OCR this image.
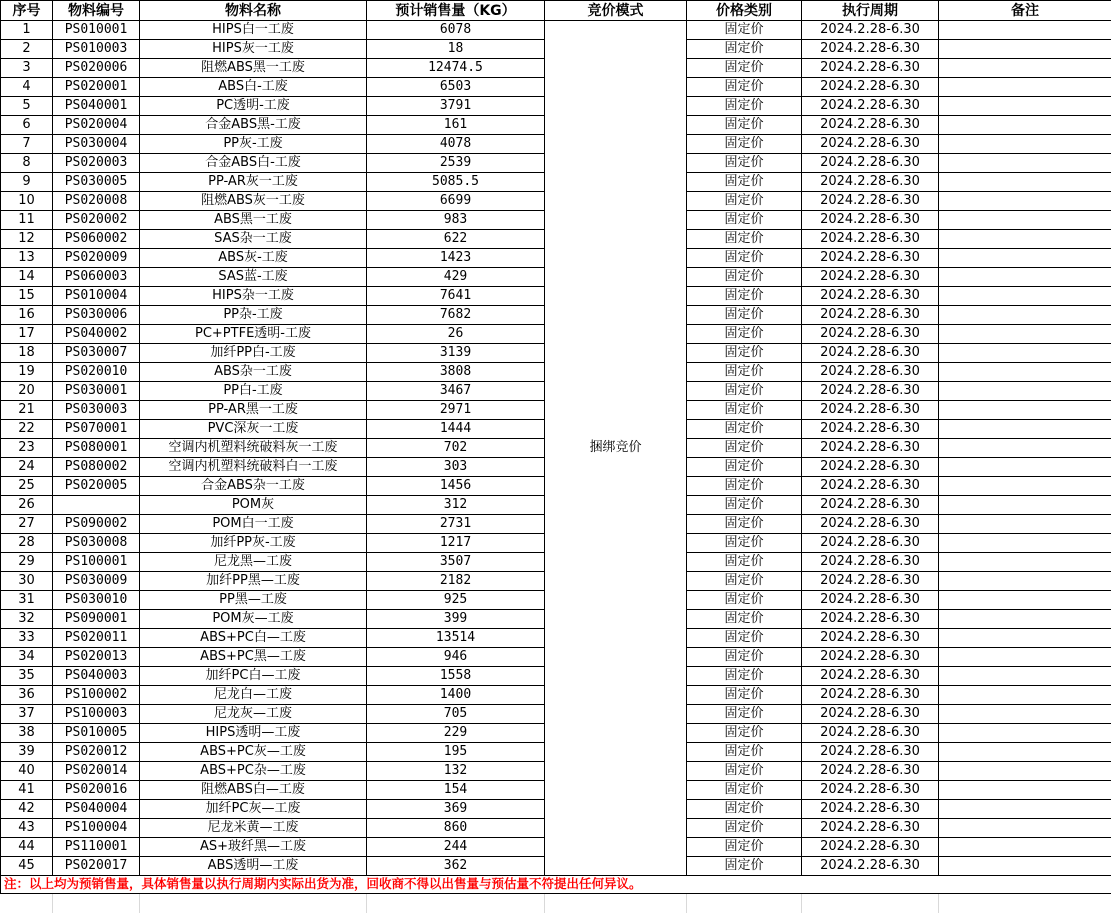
序号	物料编号	物料名称	预计销售量（KG）	竞价模式	价格类别	执行周期	备注
1	PS010001	HIPS白一工废	6078	捆绑竞价	固定价	2024.2.28-6.30	
2	PS010003	HIPS灰一工废	18		固定价	2024.2.28-6.30	
3	PS020006	阻燃ABS黑一工废	12474.5		固定价	2024.2.28-6.30	
4	PS020001	ABS白-工废	6503		固定价	2024.2.28-6.30	
5	PS040001	PC透明-工废	3791		固定价	2024.2.28-6.30	
6	PS020004	合金ABS黑-工废	161		固定价	2024.2.28-6.30	
7	PS030004	PP灰-工废	4078		固定价	2024.2.28-6.30	
8	PS020003	合金ABS白-工废	2539		固定价	2024.2.28-6.30	
9	PS030005	PP-AR灰一工废	5085.5		固定价	2024.2.28-6.30	
10	PS020008	阻燃ABS灰一工废	6699		固定价	2024.2.28-6.30	
11	PS020002	ABS黑一工废	983		固定价	2024.2.28-6.30	
12	PS060002	SAS杂一工废	622		固定价	2024.2.28-6.30	
13	PS020009	ABS灰-工废	1423		固定价	2024.2.28-6.30	
14	PS060003	SAS蓝-工废	429		固定价	2024.2.28-6.30	
15	PS010004	HIPS杂一工废	7641		固定价	2024.2.28-6.30	
16	PS030006	PP杂-工废	7682		固定价	2024.2.28-6.30	
17	PS040002	PC+PTFE透明-工废	26		固定价	2024.2.28-6.30	
18	PS030007	加纤PP白-工废	3139		固定价	2024.2.28-6.30	
19	PS020010	ABS杂一工废	3808		固定价	2024.2.28-6.30	
20	PS030001	PP白-工废	3467		固定价	2024.2.28-6.30	
21	PS030003	PP-AR黑一工废	2971		固定价	2024.2.28-6.30	
22	PS070001	PVC深灰一工废	1444		固定价	2024.2.28-6.30	
23	PS080001	空调内机塑料统破料灰一工废	702		固定价	2024.2.28-6.30	
24	PS080002	空调内机塑料统破料白一工废	303		固定价	2024.2.28-6.30	
25	PS020005	合金ABS杂一工废	1456		固定价	2024.2.28-6.30	
26		POM灰	312		固定价	2024.2.28-6.30	
27	PS090002	POM白一工废	2731		固定价	2024.2.28-6.30	
28	PS030008	加纤PP灰-工废	1217		固定价	2024.2.28-6.30	
29	PS100001	尼龙黑—工废	3507		固定价	2024.2.28-6.30	
30	PS030009	加纤PP黑—工废	2182		固定价	2024.2.28-6.30	
31	PS030010	PP黑—工废	925		固定价	2024.2.28-6.30	
32	PS090001	POM灰—工废	399		固定价	2024.2.28-6.30	
33	PS020011	ABS+PC白—工废	13514		固定价	2024.2.28-6.30	
34	PS020013	ABS+PC黑—工废	946		固定价	2024.2.28-6.30	
35	PS040003	加纤PC白—工废	1558		固定价	2024.2.28-6.30	
36	PS100002	尼龙白—工废	1400		固定价	2024.2.28-6.30	
37	PS100003	尼龙灰—工废	705		固定价	2024.2.28-6.30	
38	PS010005	HIPS透明—工废	229		固定价	2024.2.28-6.30	
39	PS020012	ABS+PC灰—工废	195		固定价	2024.2.28-6.30	
40	PS020014	ABS+PC杂—工废	132		固定价	2024.2.28-6.30	
41	PS020016	阻燃ABS白—工废	154		固定价	2024.2.28-6.30	
42	PS040004	加纤PC灰—工废	369		固定价	2024.2.28-6.30	
43	PS100004	尼龙米黄—工废	860		固定价	2024.2.28-6.30	
44	PS110001	AS+玻纤黑—工废	244		固定价	2024.2.28-6.30	
45	PS020017	ABS透明—工废	362		固定价	2024.2.28-6.30	
注：以上均为预销售量，具体销售量以执行周期内实际出货为准，回收商不得以出售量与预估量不符提出任何异议。
